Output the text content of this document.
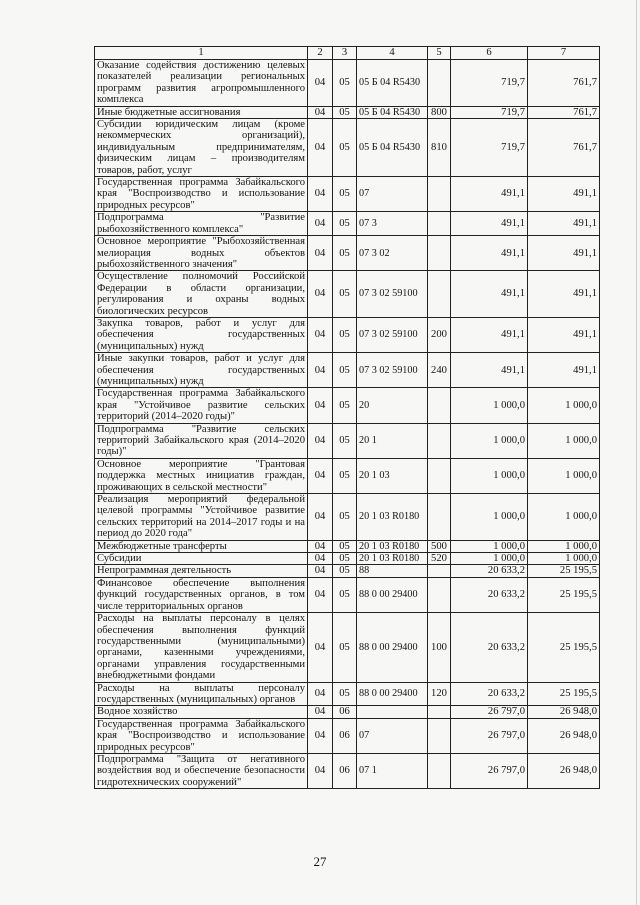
1	2	3	4	5	6	7
Оказание содействия достижению целевых показателей реализации региональных программ развития агропромышленного комплекса	04	05	05 Б 04 R5430		719,7	761,7
Иные бюджетные ассигнования	04	05	05 Б 04 R5430	800	719,7	761,7
Субсидии юридическим лицам (кроме некоммерческих организаций), индивидуальным предпринимателям, физическим лицам – производителям товаров, работ, услуг	04	05	05 Б 04 R5430	810	719,7	761,7
Государственная программа Забайкальского края "Воспроизводство и использование природных ресурсов"	04	05	07		491,1	491,1
Подпрограмма "Развитие рыбохозяйственного комплекса"	04	05	07 3		491,1	491,1
Основное мероприятие "Рыбохозяйственная мелиорация водных объектов рыбохозяйственного значения"	04	05	07 3 02		491,1	491,1
Осуществление полномочий Российской Федерации в области организации, регулирования и охраны водных биологических ресурсов	04	05	07 3 02 59100		491,1	491,1
Закупка товаров, работ и услуг для обеспечения государственных (муниципальных) нужд	04	05	07 3 02 59100	200	491,1	491,1
Иные закупки товаров, работ и услуг для обеспечения государственных (муниципальных) нужд	04	05	07 3 02 59100	240	491,1	491,1
Государственная программа Забайкальского края "Устойчивое развитие сельских территорий (2014–2020 годы)"	04	05	20		1 000,0	1 000,0
Подпрограмма "Развитие сельских территорий Забайкальского края (2014–2020 годы)"	04	05	20 1		1 000,0	1 000,0
Основное мероприятие "Грантовая поддержка местных инициатив граждан, проживающих в сельской местности"	04	05	20 1 03		1 000,0	1 000,0
Реализация мероприятий федеральной целевой программы "Устойчивое развитие сельских территорий на 2014–2017 годы и на период до 2020 года"	04	05	20 1 03 R0180		1 000,0	1 000,0
Межбюджетные трансферты	04	05	20 1 03 R0180	500	1 000,0	1 000,0
Субсидии	04	05	20 1 03 R0180	520	1 000,0	1 000,0
Непрограммная деятельность	04	05	88		20 633,2	25 195,5
Финансовое обеспечение выполнения функций государственных органов, в том числе территориальных органов	04	05	88 0 00 29400		20 633,2	25 195,5
Расходы на выплаты персоналу в целях обеспечения выполнения функций государственными (муниципальными) органами, казенными учреждениями, органами управления государственными внебюджетными фондами	04	05	88 0 00 29400	100	20 633,2	25 195,5
Расходы на выплаты персоналу государственных (муниципальных) органов	04	05	88 0 00 29400	120	20 633,2	25 195,5
Водное хозяйство	04	06			26 797,0	26 948,0
Государственная программа Забайкальского края "Воспроизводство и использование природных ресурсов"	04	06	07		26 797,0	26 948,0
Подпрограмма "Защита от негативного воздействия вод и обеспечение безопасности гидротехнических сооружений"	04	06	07 1		26 797,0	26 948,0
27
